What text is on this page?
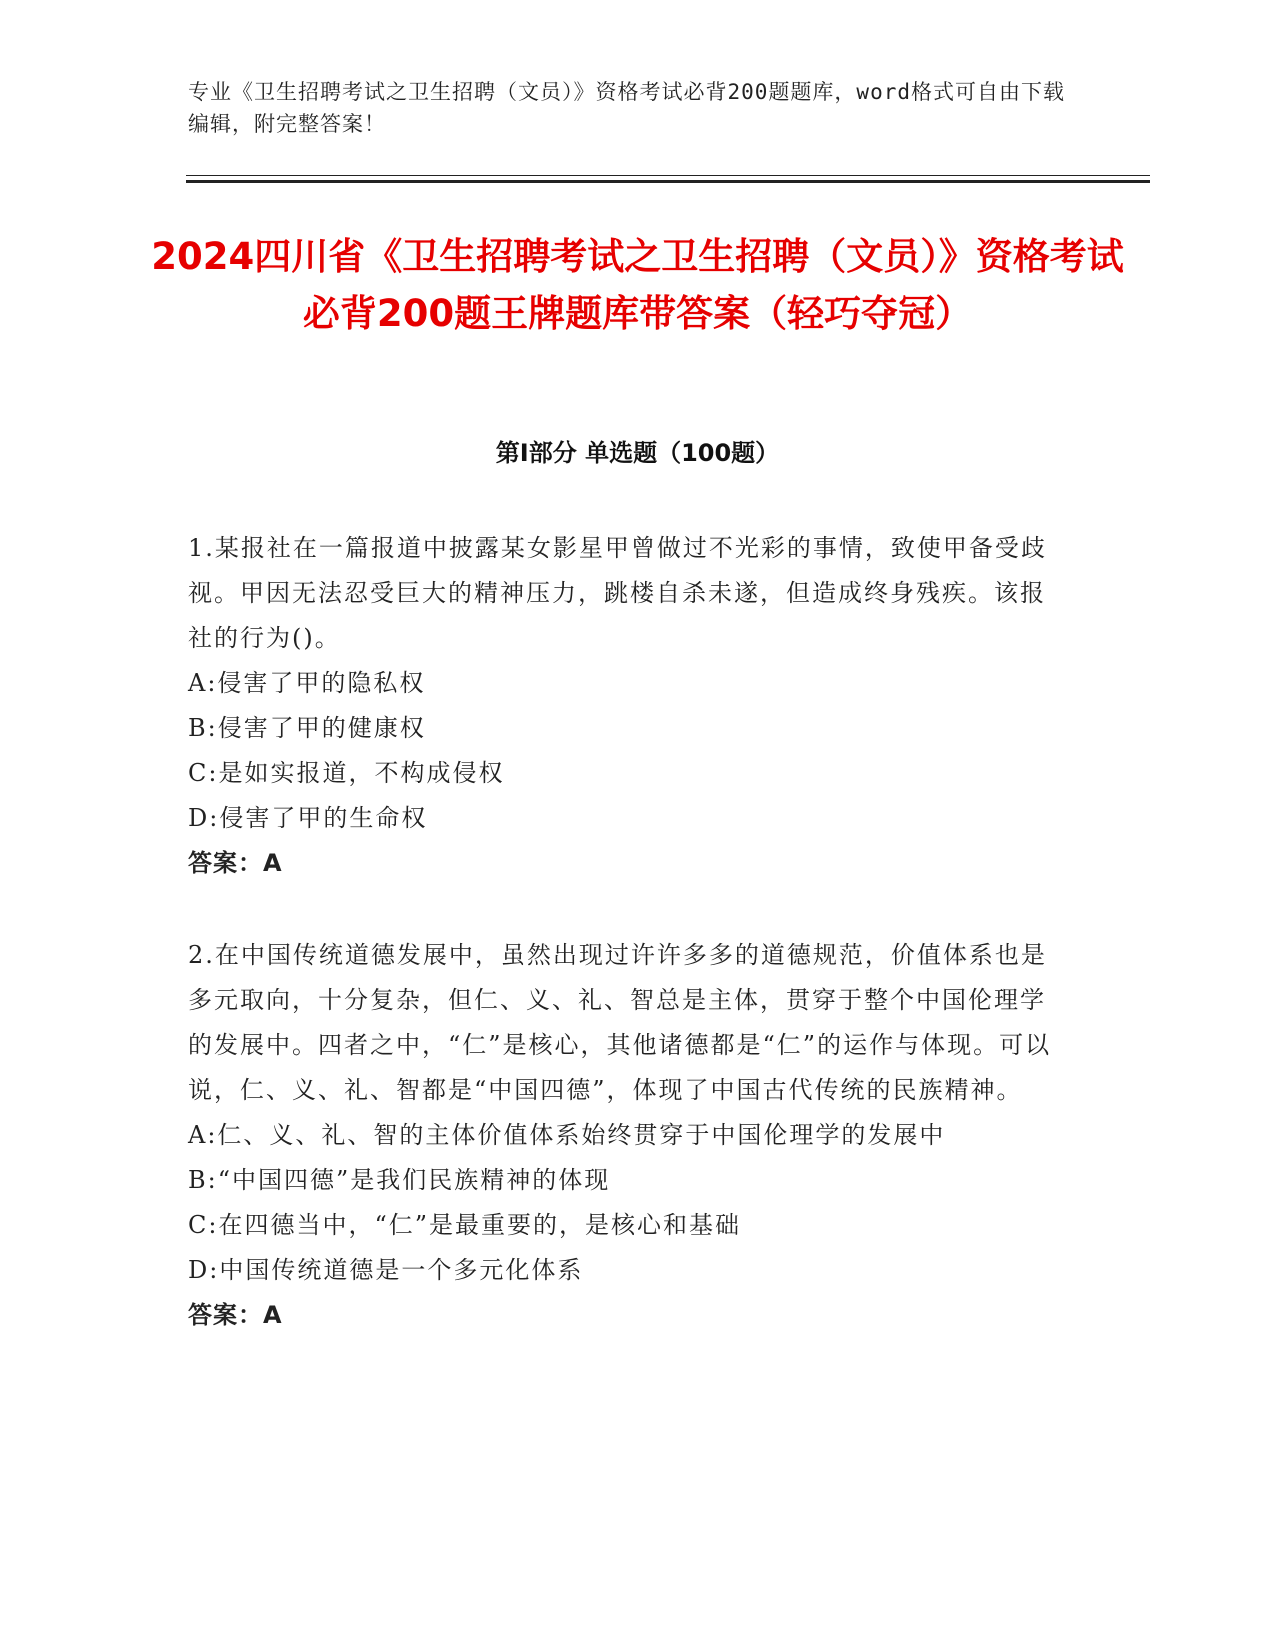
专业《卫生招聘考试之卫生招聘（文员）》资格考试必背200题题库，word格式可自由下载编辑，附完整答案！
2024四川省《卫生招聘考试之卫生招聘（文员）》资格考试必背200题王牌题库带答案（轻巧夺冠）
第I部分 单选题（100题）

1.某报社在一篇报道中披露某女影星甲曾做过不光彩的事情，致使甲备受歧视。甲因无法忍受巨大的精神压力，跳楼自杀未遂，但造成终身残疾。该报社的行为()。

A:侵害了甲的隐私权

B:侵害了甲的健康权

C:是如实报道，不构成侵权

D:侵害了甲的生命权

答案：A

2.在中国传统道德发展中，虽然出现过许许多多的道德规范，价值体系也是多元取向，十分复杂，但仁、义、礼、智总是主体，贯穿于整个中国伦理学的发展中。四者之中，“仁”是核心，其他诸德都是“仁”的运作与体现。可以说，仁、义、礼、智都是“中国四德”，体现了中国古代传统的民族精神。

A:仁、义、礼、智的主体价值体系始终贯穿于中国伦理学的发展中

B:“中国四德”是我们民族精神的体现

C:在四德当中，“仁”是最重要的，是核心和基础

D:中国传统道德是一个多元化体系

答案：A
